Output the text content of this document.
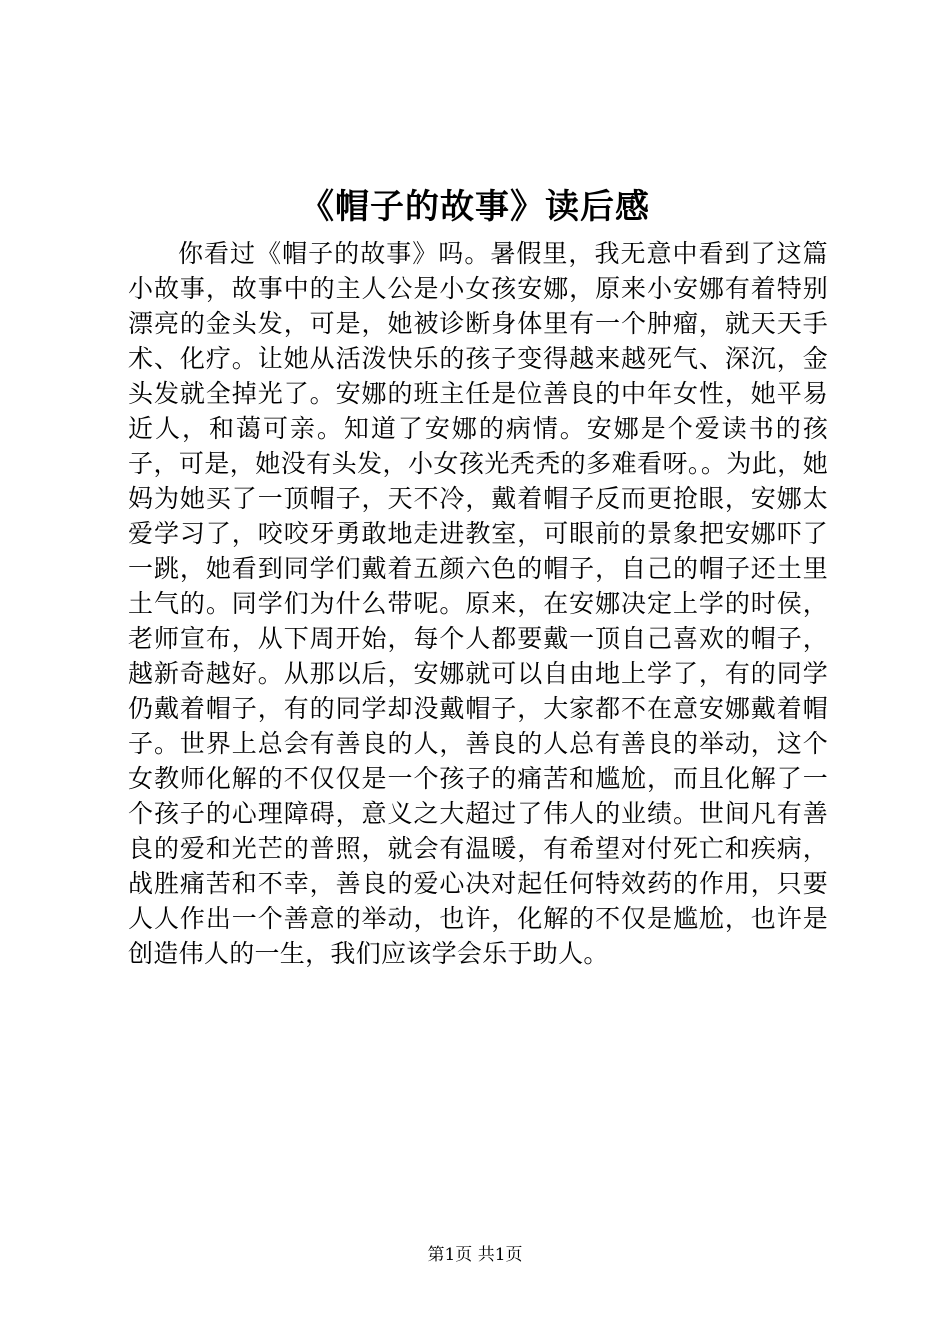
《帽子的故事》读后感

你看过《帽子的故事》吗。暑假里，我无意中看到了这篇小故事，故事中的主人公是小女孩安娜，原来小安娜有着特别漂亮的金头发，可是，她被诊断身体里有一个肿瘤，就天天手术、化疗。让她从活泼快乐的孩子变得越来越死气、深沉，金头发就全掉光了。安娜的班主任是位善良的中年女性，她平易近人，和蔼可亲。知道了安娜的病情。安娜是个爱读书的孩子，可是，她没有头发，小女孩光秃秃的多难看呀。。为此，她妈为她买了一顶帽子，天不冷，戴着帽子反而更抢眼，安娜太爱学习了，咬咬牙勇敢地走进教室，可眼前的景象把安娜吓了一跳，她看到同学们戴着五颜六色的帽子，自己的帽子还土里土气的。同学们为什么带呢。原来，在安娜决定上学的时侯，老师宣布，从下周开始，每个人都要戴一顶自己喜欢的帽子，越新奇越好。从那以后，安娜就可以自由地上学了，有的同学仍戴着帽子，有的同学却没戴帽子，大家都不在意安娜戴着帽子。世界上总会有善良的人，善良的人总有善良的举动，这个女教师化解的不仅仅是一个孩子的痛苦和尴尬，而且化解了一个孩子的心理障碍，意义之大超过了伟人的业绩。世间凡有善良的爱和光芒的普照，就会有温暖，有希望对付死亡和疾病，战胜痛苦和不幸，善良的爱心决对起任何特效药的作用，只要人人作出一个善意的举动，也许，化解的不仅是尴尬，也许是创造伟人的一生，我们应该学会乐于助人。

第1页 共1页
